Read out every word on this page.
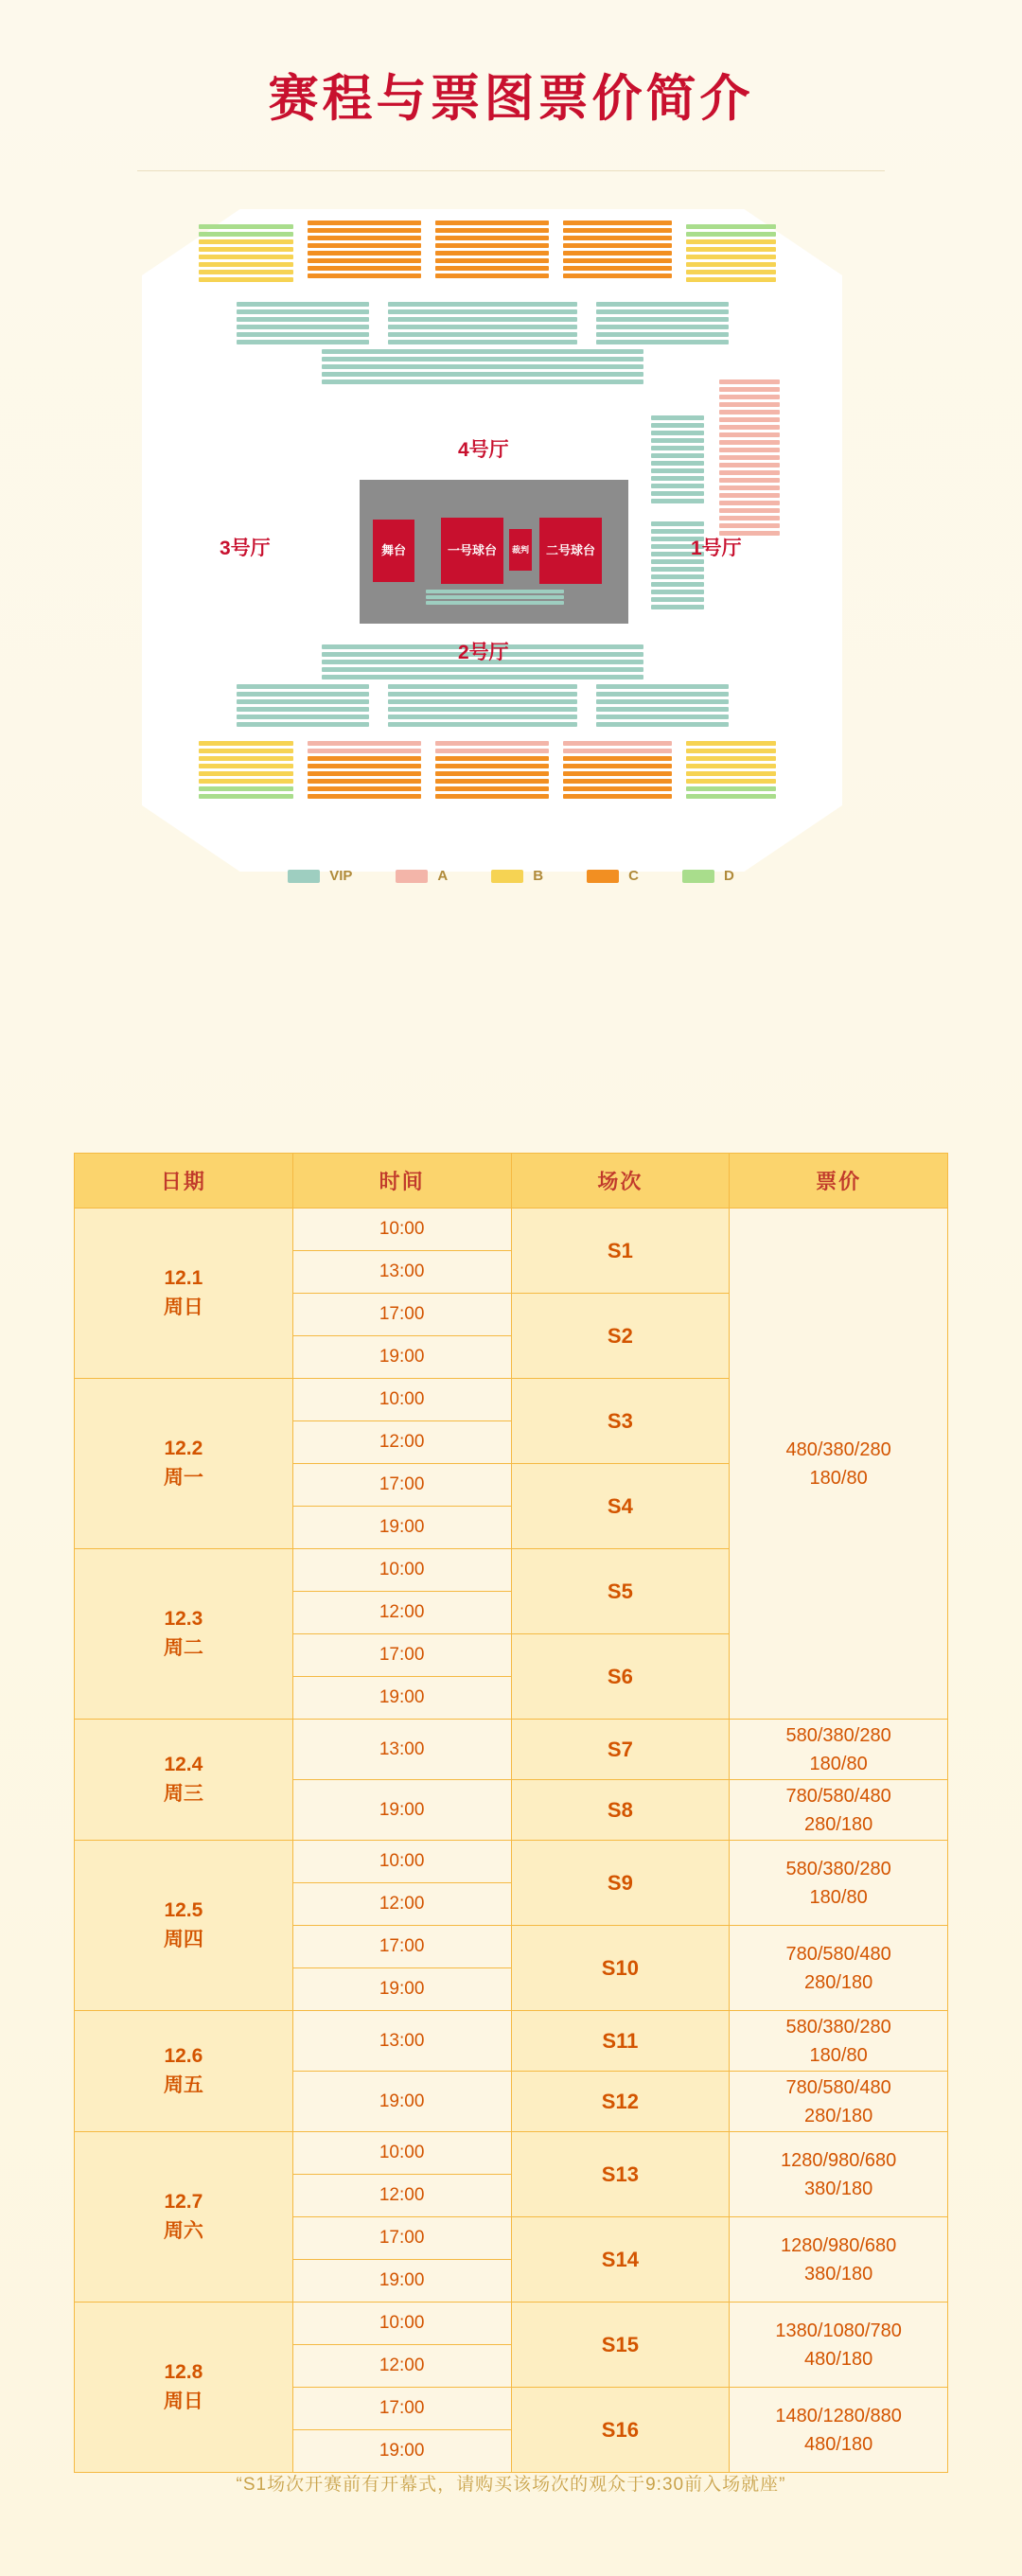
赛程与票图票价简介
舞台	一号球台	裁判	二号球台
4号厅
3号厅	1号厅
2号厅
VIP	A	B	C	D
日期	时间	场次	票价
12.1
周日	10:00	S1	480/380/280
180/80
	13:00		
	17:00	S2	
	19:00		
12.2
周一	10:00	S3	
	12:00		
	17:00	S4	
	19:00		
12.3
周二	10:00	S5	
	12:00		
	17:00	S6	
	19:00		
12.4
周三	13:00	S7	580/380/280
180/80
	19:00	S8	780/580/480
280/180
12.5
周四	10:00	S9	580/380/280
180/80
	12:00		
	17:00	S10	780/580/480
280/180
	19:00		
12.6
周五	13:00	S11	580/380/280
180/80
	19:00	S12	780/580/480
280/180
12.7
周六	10:00	S13	1280/980/680
380/180
	12:00		
	17:00	S14	1280/980/680
380/180
	19:00		
12.8
周日	10:00	S15	1380/1080/780
480/180
	12:00		
	17:00	S16	1480/1280/880
480/180
	19:00		
“S1场次开赛前有开幕式，请购买该场次的观众于9:30前入场就座”
